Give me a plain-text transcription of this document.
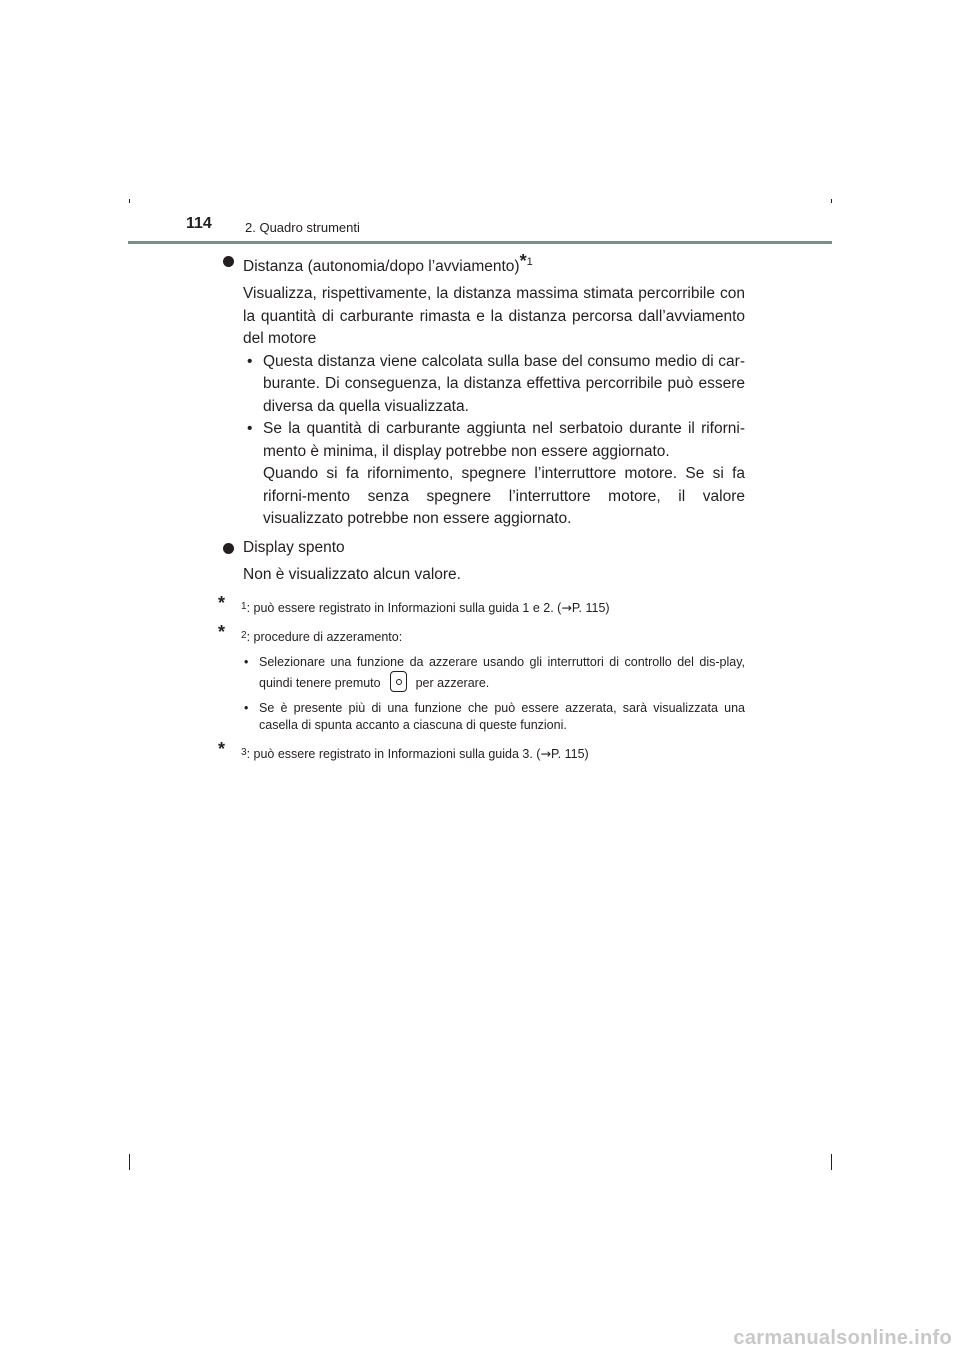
114	2. Quadro strumenti
Distanza (autonomia/dopo l’avviamento)$^{*1}$

Visualizza, rispettivamente, la distanza massima stimata percorribile con la quantità di carburante rimasta e la distanza percorsa dall’avviamento del motore

• Questa distanza viene calcolata sulla base del consumo medio di car-burante. Di conseguenza, la distanza effettiva percorribile può essere diversa da quella visualizzata.

• Se la quantità di carburante aggiunta nel serbatoio durante il riforni-mento è minima, il display potrebbe non essere aggiornato.

Quando si fa rifornimento, spegnere l’interruttore motore. Se si fa riforni-mento senza spegnere l’interruttore motore, il valore visualizzato potrebbe non essere aggiornato.

Display spento

Non è visualizzato alcun valore.

* $^1$: può essere registrato in Informazioni sulla guida 1 e 2. (→P. 115)
* $^2$: procedure di azzeramento:
• Selezionare una funzione da azzerare usando gli interruttori di controllo del dis-play, quindi tenere premuto	per azzerare.
• Se è presente più di una funzione che può essere azzerata, sarà visualizzata una casella di spunta accanto a ciascuna di queste funzioni.
* $^3$: può essere registrato in Informazioni sulla guida 3. (→P. 115)
carmanualsonline.info
